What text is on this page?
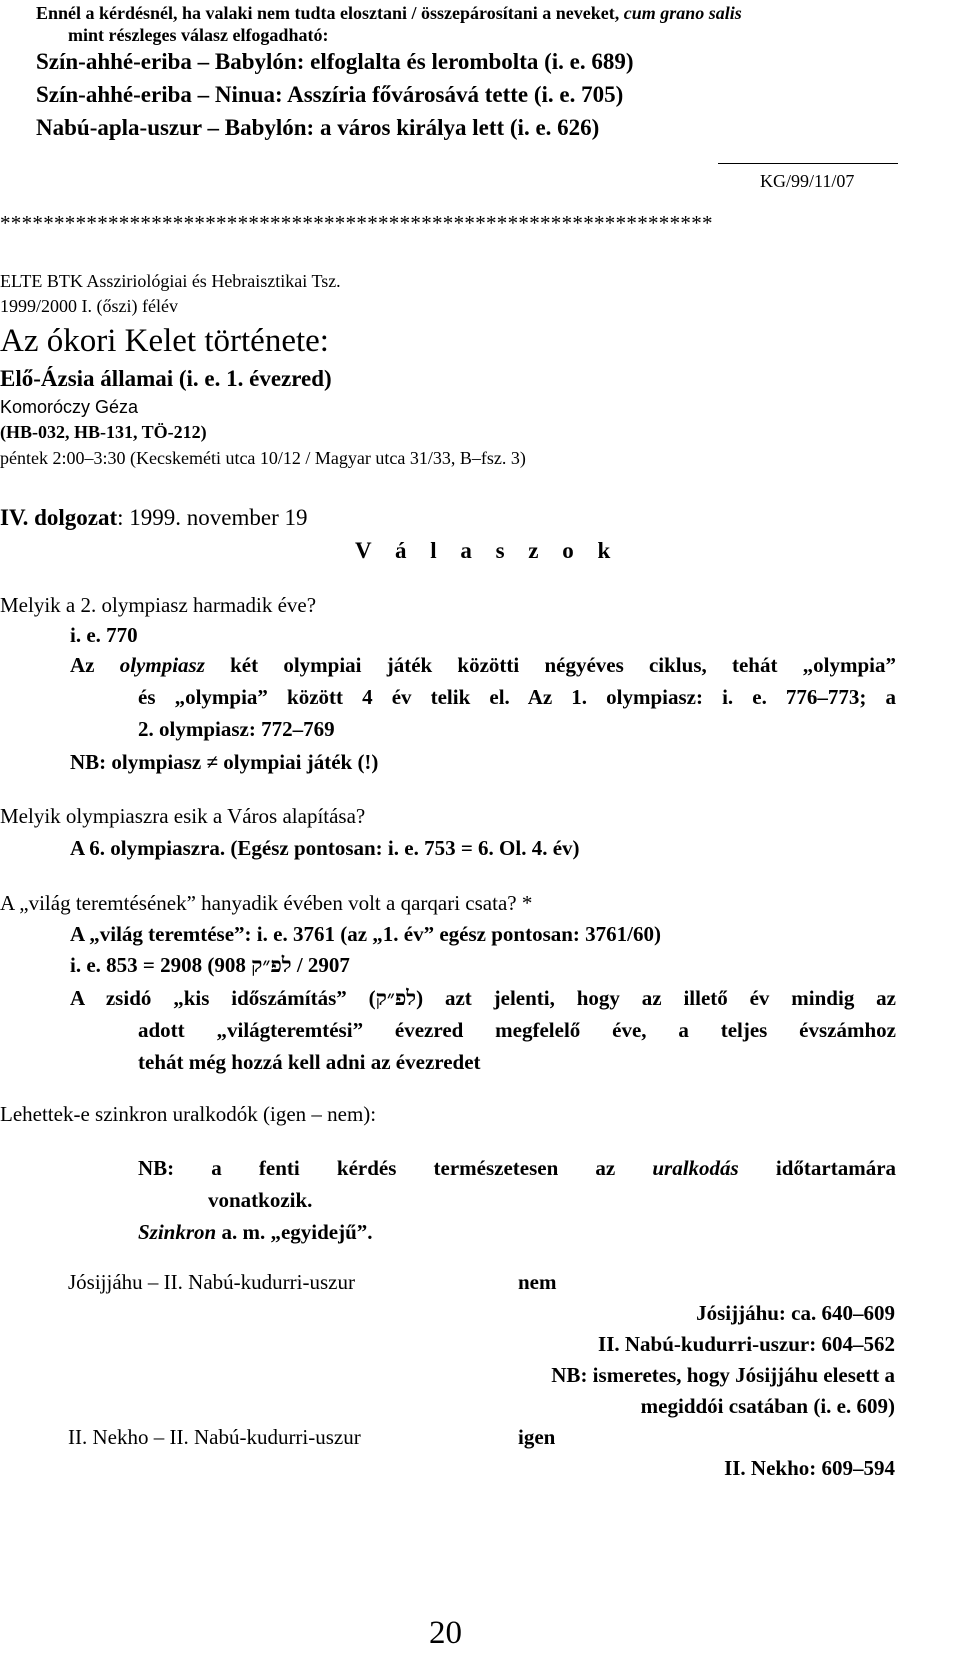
Ennél a kérdésnél, ha valaki nem tudta elosztani / összepárosítani a neveket, cum grano salis
mint részleges válasz elfogadható:
Szín-ahhé-eriba – Babylón: elfoglalta és lerombolta (i. e. 689)
Szín-ahhé-eriba – Ninua: Asszíria fővárosává tette (i. e. 705)
Nabú-apla-uszur – Babylón: a város királya lett (i. e. 626)
KG/99/11/07
******************************************************************
ELTE BTK Assziriológiai és Hebraisztikai Tsz.
1999/2000 I. (őszi) félév
Az ókori Kelet története:
Elő-Ázsia államai (i. e. 1. évezred)
Komoróczy Géza
(HB-032, HB-131, TÖ-212)
péntek 2:00–3:30 (Kecskeméti utca 10/12 / Magyar utca 31/33, B–fsz. 3)
IV. dolgozat: 1999. november 19
V á l a s z o k
Melyik a 2. olympiasz harmadik éve?
i. e. 770
Az olympiasz két olympiai játék közötti négyéves ciklus, tehát „olympia”
és „olympia” között 4 év telik el. Az 1. olympiasz: i. e. 776–773; a
2. olympiasz: 772–769
NB: olympiasz ≠ olympiai játék (!)
Melyik olympiaszra esik a Város alapítása?
A 6. olympiaszra. (Egész pontosan: i. e. 753 = 6. Ol. 4. év)
A „világ teremtésének” hanyadik évében volt a qarqari csata? *
A „világ teremtése”: i. e. 3761 (az „1. év” egész pontosan: 3761/60)
i. e. 853 = 2908 (908 לפ״ק / 2907
A zsidó „kis időszámítás” (לפ״ק) azt jelenti, hogy az illető év mindig az
adott „világteremtési” évezred megfelelő éve, a teljes évszámhoz
tehát még hozzá kell adni az évezredet
Lehettek-e szinkron uralkodók (igen – nem):
NB: a fenti kérdés természetesen az uralkodás időtartamára
vonatkozik.
Szinkron a. m. „egyidejű”.
Jósijjáhu – II. Nabú-kudurri-uszur	nem
Jósijjáhu: ca. 640–609
II. Nabú-kudurri-uszur: 604–562
NB: ismeretes, hogy Jósijjáhu elesett a
megiddói csatában (i. e. 609)
II. Nekho – II. Nabú-kudurri-uszur	igen
II. Nekho: 609–594
20
